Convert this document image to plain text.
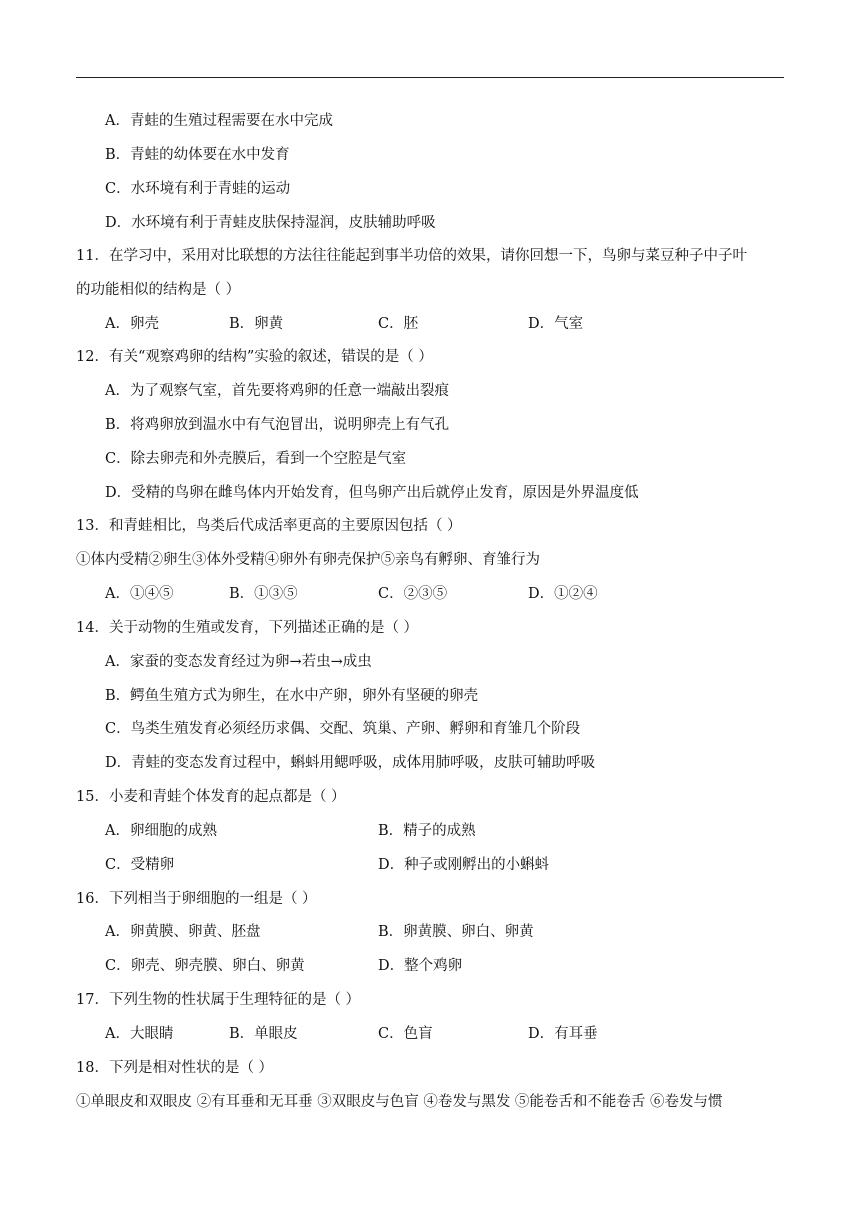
A．青蛙的生殖过程需要在水中完成
B．青蛙的幼体要在水中发育
C．水环境有利于青蛙的运动
D．水环境有利于青蛙皮肤保持湿润，皮肤辅助呼吸
11．在学习中，采用对比联想的方法往往能起到事半功倍的效果，请你回想一下，鸟卵与菜豆种子中子叶
的功能相似的结构是（ ）
A．卵壳	B．卵黄	C．胚	D．气室
12．有关“观察鸡卵的结构”实验的叙述，错误的是（ ）
A．为了观察气室，首先要将鸡卵的任意一端敲出裂痕
B．将鸡卵放到温水中有气泡冒出，说明卵壳上有气孔
C．除去卵壳和外壳膜后，看到一个空腔是气室
D．受精的鸟卵在雌鸟体内开始发育，但鸟卵产出后就停止发育，原因是外界温度低
13．和青蛙相比，鸟类后代成活率更高的主要原因包括（ ）
①体内受精②卵生③体外受精④卵外有卵壳保护⑤亲鸟有孵卵、育雏行为
A．①④⑤	B．①③⑤	C．②③⑤	D．①②④
14．关于动物的生殖或发育，下列描述正确的是（ ）
A．家蚕的变态发育经过为卵→若虫→成虫
B．鳄鱼生殖方式为卵生，在水中产卵，卵外有坚硬的卵壳
C．鸟类生殖发育必须经历求偶、交配、筑巢、产卵、孵卵和育雏几个阶段
D．青蛙的变态发育过程中，蝌蚪用鳃呼吸，成体用肺呼吸，皮肤可辅助呼吸
15．小麦和青蛙个体发育的起点都是（ ）
A．卵细胞的成熟	B．精子的成熟
C．受精卵	D．种子或刚孵出的小蝌蚪
16．下列相当于卵细胞的一组是（ ）
A．卵黄膜、卵黄、胚盘	B．卵黄膜、卵白、卵黄
C．卵壳、卵壳膜、卵白、卵黄	D．整个鸡卵
17．下列生物的性状属于生理特征的是（ ）
A．大眼睛	B．单眼皮	C．色盲	D．有耳垂
18．下列是相对性状的是（ ）
①单眼皮和双眼皮 ②有耳垂和无耳垂 ③双眼皮与色盲 ④卷发与黑发 ⑤能卷舌和不能卷舌 ⑥卷发与惯
